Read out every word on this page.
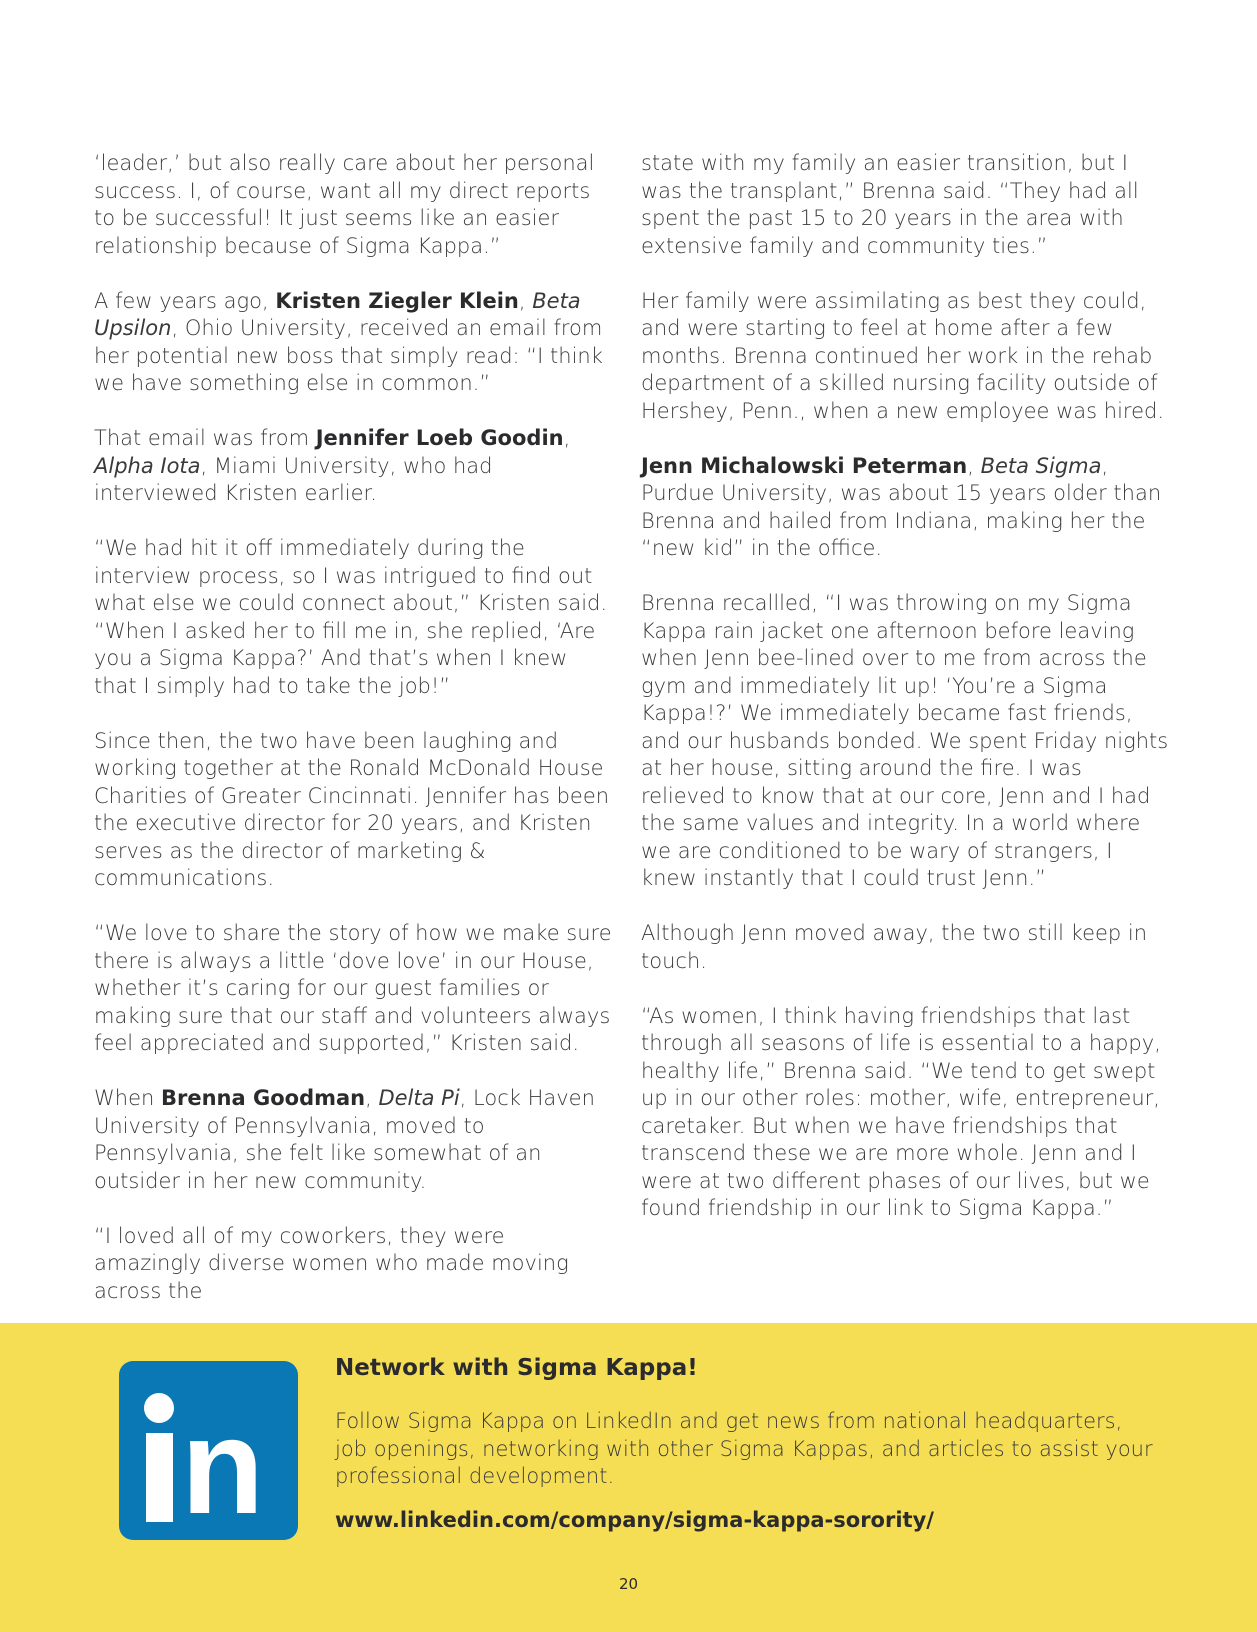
‘leader,’ but also really care about her personal success. I, of course, want all my direct reports to be successful! It just seems like an easier relationship because of Sigma Kappa.”

A few years ago, Kristen Ziegler Klein, Beta Upsilon, Ohio University, received an email from her potential new boss that simply read: “I think we have something else in common.”

That email was from Jennifer Loeb Goodin, Alpha Iota, Miami University, who had interviewed Kristen earlier.

“We had hit it off immediately during the interview process, so I was intrigued to find out what else we could connect about,” Kristen said. “When I asked her to fill me in, she replied, ‘Are you a Sigma Kappa?’ And that’s when I knew that I simply had to take the job!”

Since then, the two have been laughing and working together at the Ronald McDonald House Charities of Greater Cincinnati. Jennifer has been the executive director for 20 years, and Kristen serves as the director of marketing & communications.

“We love to share the story of how we make sure there is always a little ‘dove love’ in our House, whether it’s caring for our guest families or making sure that our staff and volunteers always feel appreciated and supported,” Kristen said.

When Brenna Goodman, Delta Pi, Lock Haven University of Pennsylvania, moved to Pennsylvania, she felt like somewhat of an outsider in her new community.

“I loved all of my coworkers, they were amazingly diverse women who made moving across the

state with my family an easier transition, but I was the transplant,” Brenna said. “They had all spent the past 15 to 20 years in the area with extensive family and community ties.”

Her family were assimilating as best they could, and were starting to feel at home after a few months. Brenna continued her work in the rehab department of a skilled nursing facility outside of Hershey, Penn., when a new employee was hired.

Jenn Michalowski Peterman, Beta Sigma, Purdue University, was about 15 years older than Brenna and hailed from Indiana, making her the “new kid” in the office.

Brenna recallled, “I was throwing on my Sigma Kappa rain jacket one afternoon before leaving when Jenn bee-lined over to me from across the gym and immediately lit up! ‘You’re a Sigma Kappa!?’ We immediately became fast friends, and our husbands bonded. We spent Friday nights at her house, sitting around the fire. I was relieved to know that at our core, Jenn and I had the same values and integrity. In a world where we are conditioned to be wary of strangers, I knew instantly that I could trust Jenn.”

Although Jenn moved away, the two still keep in touch.

“As women, I think having friendships that last through all seasons of life is essential to a happy, healthy life,” Brenna said. “We tend to get swept up in our other roles: mother, wife, entrepreneur, caretaker. But when we have friendships that transcend these we are more whole. Jenn and I were at two different phases of our lives, but we found friendship in our link to Sigma Kappa.”

n
Network with Sigma Kappa!
Follow Sigma Kappa on LinkedIn and get news from national headquarters, job openings, networking with other Sigma Kappas, and articles to assist your professional development.
www.linkedin.com/company/sigma-kappa-sorority/
20
